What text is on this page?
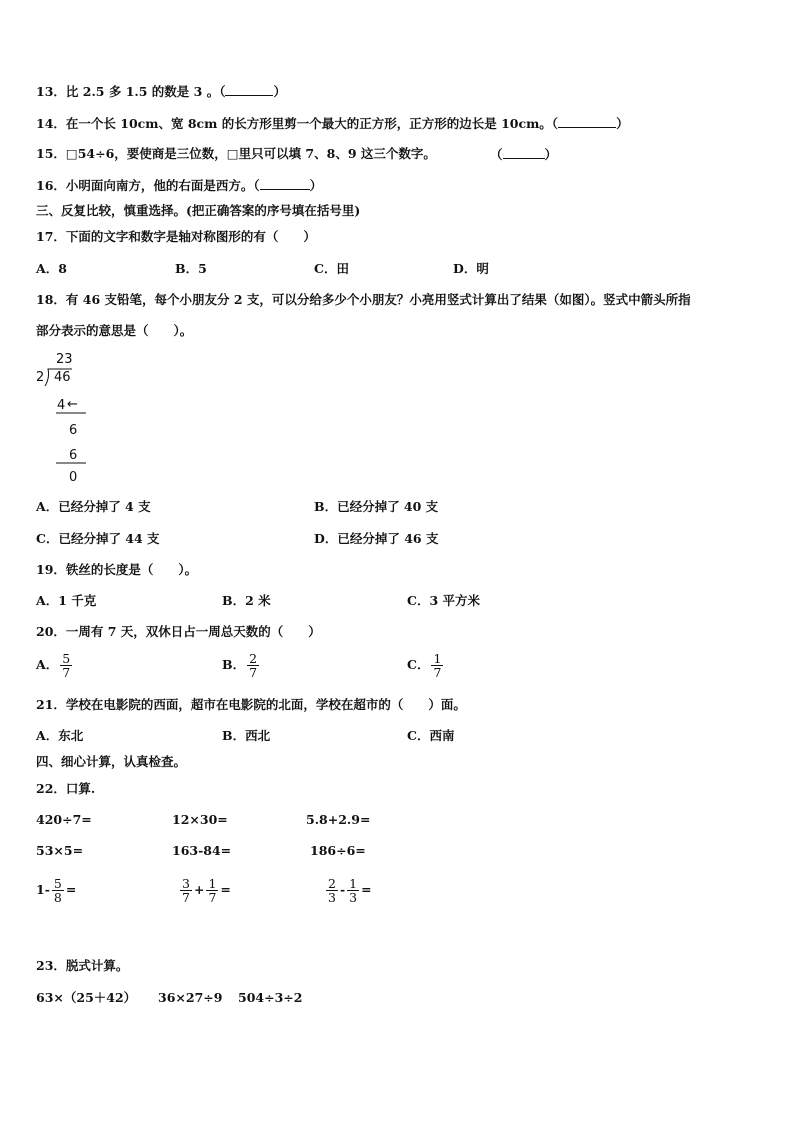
13．比 2.5 多 1.5 的数是 3 。（	）
14．在一个长 10cm、宽 8cm 的长方形里剪一个最大的正方形，正方形的边长是 10cm。（	）
15．□54÷6，要使商是三位数，□里只可以填 7、8、9 这三个数字。	（	）
16．小明面向南方，他的右面是西方。（	）
三、反复比较，慎重选择。(把正确答案的序号填在括号里)
17．下面的文字和数字是轴对称图形的有（　　）
A．8	B．5	C．田	D．明
18．有 46 支铅笔，每个小朋友分 2 支，可以分给多少个小朋友？小亮用竖式计算出了结果（如图）。竖式中箭头所指
部分表示的意思是（　　）。
23
2 46
4 ←
6
6
0
A．已经分掉了 4 支	B．已经分掉了 40 支
C．已经分掉了 44 支	D．已经分掉了 46 支
19．铁丝的长度是（　　）。
A．1 千克	B．2 米	C．3 平方米
20．一周有 7 天，双休日占一周总天数的（　　）
A． $\frac{5}{7}$	B． $\frac{2}{7}$	C． $\frac{1}{7}$
21．学校在电影院的西面，超市在电影院的北面，学校在超市的（　　）面。
A．东北	B．西北	C．西南
四、细心计算，认真检查。
22．口算.
420÷7=	12×30=	5.8+2.9=
53×5=	163-84=	186÷6=
$1- \frac{5}{8}$ =	$\frac{3}{7} + \frac{1}{7}$ =	$\frac{2}{3} - \frac{1}{3}$ =
23．脱式计算。
63×（25＋42） 36×27÷9 504÷3÷2
